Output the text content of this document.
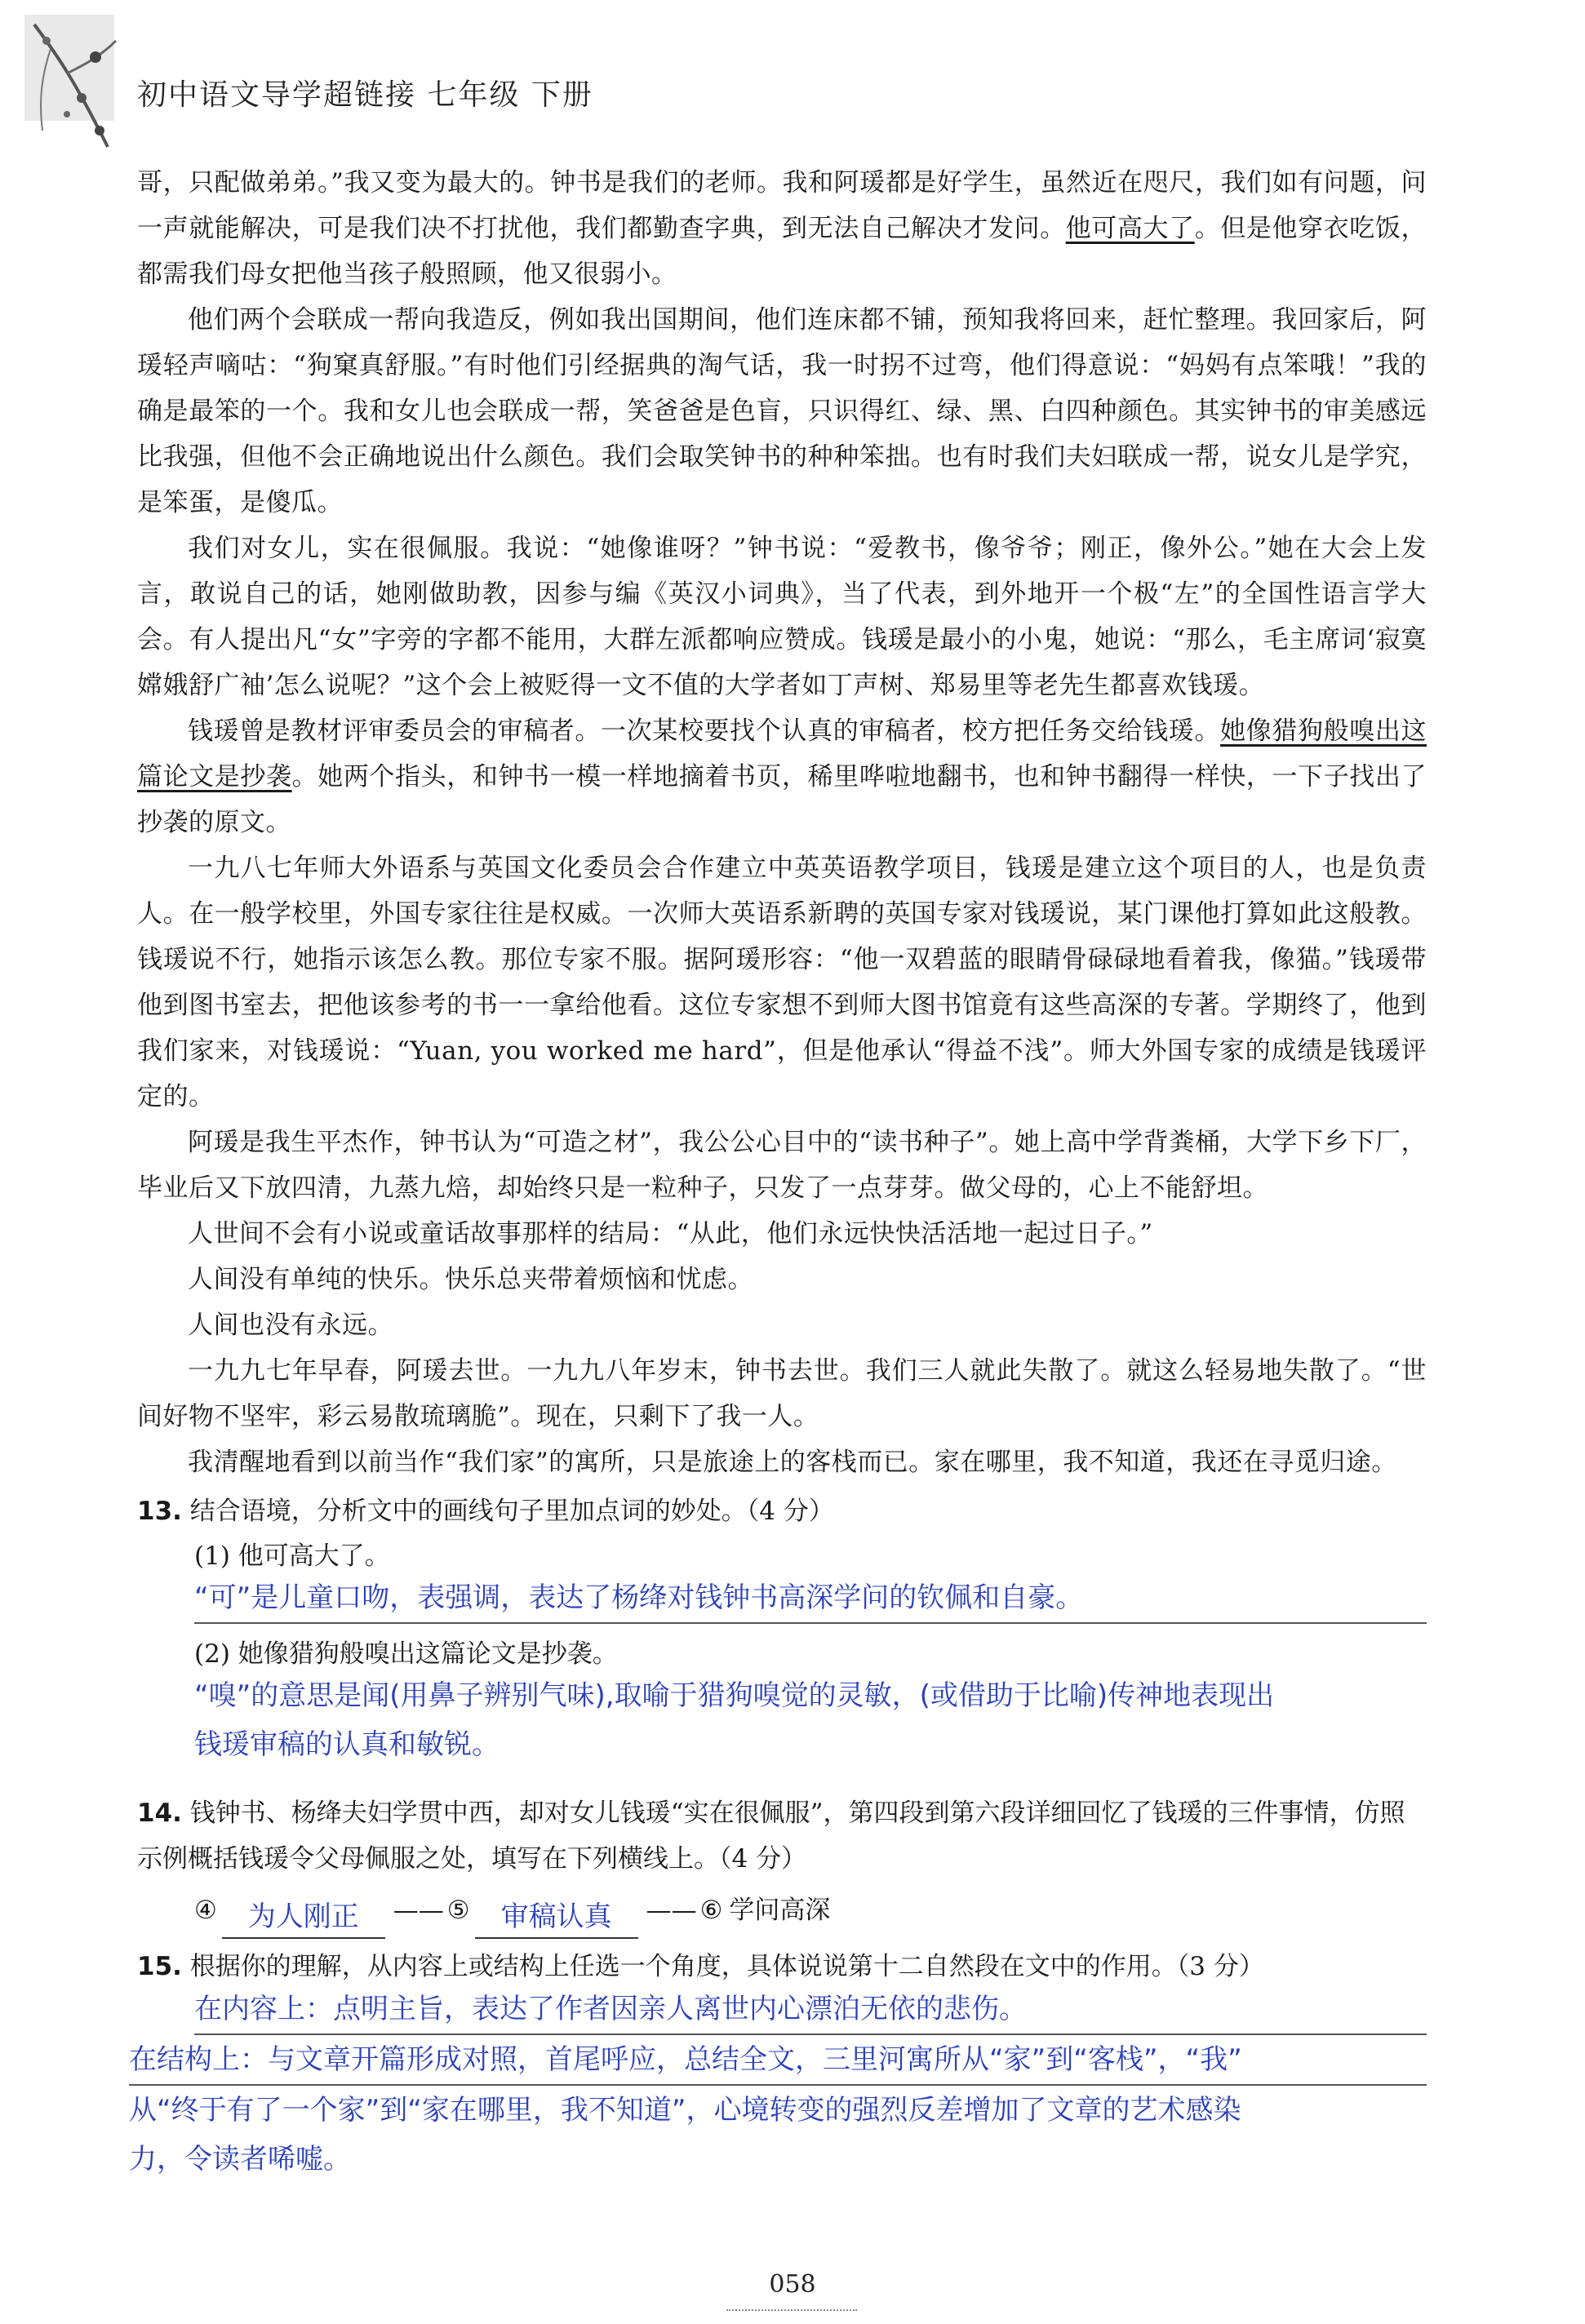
初中语文导学超链接 七年级 下册

哥，只配做弟弟。”我又变为最大的。钟书是我们的老师。我和阿瑗都是好学生，虽然近在咫尺，我们如有问题，问一声就能解决，可是我们决不打扰他，我们都勤查字典，到无法自己解决才发问。他可高大了。但是他穿衣吃饭，都需我们母女把他当孩子般照顾，他又很弱小。

他们两个会联成一帮向我造反，例如我出国期间，他们连床都不铺，预知我将回来，赶忙整理。我回家后，阿瑗轻声嘀咕：“狗窠真舒服。”有时他们引经据典的淘气话，我一时拐不过弯，他们得意说：“妈妈有点笨哦！”我的确是最笨的一个。我和女儿也会联成一帮，笑爸爸是色盲，只识得红、绿、黑、白四种颜色。其实钟书的审美感远比我强，但他不会正确地说出什么颜色。我们会取笑钟书的种种笨拙。也有时我们夫妇联成一帮，说女儿是学究，是笨蛋，是傻瓜。

我们对女儿，实在很佩服。我说：“她像谁呀？”钟书说：“爱教书，像爷爷；刚正，像外公。”她在大会上发言，敢说自己的话，她刚做助教，因参与编《英汉小词典》，当了代表，到外地开一个极“左”的全国性语言学大会。有人提出凡“女”字旁的字都不能用，大群左派都响应赞成。钱瑗是最小的小鬼，她说：“那么，毛主席词‘寂寞嫦娥舒广袖’怎么说呢？”这个会上被贬得一文不值的大学者如丁声树、郑易里等老先生都喜欢钱瑗。

钱瑗曾是教材评审委员会的审稿者。一次某校要找个认真的审稿者，校方把任务交给钱瑗。她像猎狗般嗅出这篇论文是抄袭。她两个指头，和钟书一模一样地摘着书页，稀里哗啦地翻书，也和钟书翻得一样快，一下子找出了抄袭的原文。

一九八七年师大外语系与英国文化委员会合作建立中英英语教学项目，钱瑗是建立这个项目的人，也是负责人。在一般学校里，外国专家往往是权威。一次师大英语系新聘的英国专家对钱瑗说，某门课他打算如此这般教。钱瑗说不行，她指示该怎么教。那位专家不服。据阿瑗形容：“他一双碧蓝的眼睛骨碌碌地看着我，像猫。”钱瑗带他到图书室去，把他该参考的书一一拿给他看。这位专家想不到师大图书馆竟有这些高深的专著。学期终了，他到我们家来，对钱瑗说：“Yuan, you worked me hard”，但是他承认“得益不浅”。师大外国专家的成绩是钱瑗评定的。

阿瑗是我生平杰作，钟书认为“可造之材”，我公公心目中的“读书种子”。她上高中学背粪桶，大学下乡下厂，毕业后又下放四清，九蒸九焙，却始终只是一粒种子，只发了一点芽芽。做父母的，心上不能舒坦。

人世间不会有小说或童话故事那样的结局：“从此，他们永远快快活活地一起过日子。”

人间没有单纯的快乐。快乐总夹带着烦恼和忧虑。

人间也没有永远。

一九九七年早春，阿瑗去世。一九九八年岁末，钟书去世。我们三人就此失散了。就这么轻易地失散了。“世间好物不坚牢，彩云易散琉璃脆”。现在，只剩下了我一人。

我清醒地看到以前当作“我们家”的寓所，只是旅途上的客栈而已。家在哪里，我不知道，我还在寻觅归途。

13. 结合语境，分析文中的画线句子里加点词的妙处。（4 分）

(1) 他可高大了。

“可”是儿童口吻，表强调，表达了杨绛对钱钟书高深学问的钦佩和自豪。

(2) 她像猎狗般嗅出这篇论文是抄袭。

“嗅”的意思是闻(用鼻子辨别气味),取喻于猎狗嗅觉的灵敏，(或借助于比喻)传神地表现出
钱瑗审稿的认真和敏锐。

14. 钱钟书、杨绛夫妇学贯中西，却对女儿钱瑗“实在很佩服”，第四段到第六段详细回忆了钱瑗的三件事情，仿照示例概括钱瑗令父母佩服之处，填写在下列横线上。（4 分）

④	为人刚正	—— ⑤	审稿认真	—— ⑥ 学问高深

15. 根据你的理解，从内容上或结构上任选一个角度，具体说说第十二自然段在文中的作用。（3 分）

在内容上：点明主旨，表达了作者因亲人离世内心漂泊无依的悲伤。
在结构上：与文章开篇形成对照，首尾呼应，总结全文，三里河寓所从“家”到“客栈”，“我”
从“终于有了一个家”到“家在哪里，我不知道”，心境转变的强烈反差增加了文章的艺术感染
力，令读者唏嘘。
058
